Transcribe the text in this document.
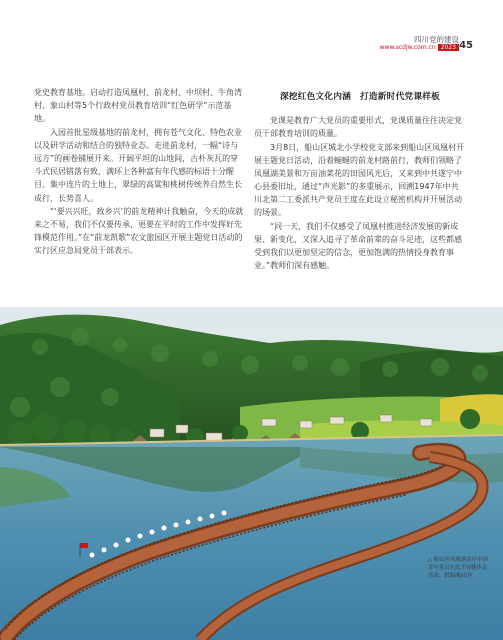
四川党的建设
www.scdjw.com.cn 2023 45

党史教育基地。启动打造凤凰村、前龙村、中坝村、牛角湾村、象山村等5个行政村党员教育培训“红色研学”示范基地。

入园首批星级基地的前龙村，拥有苍气文化、特色农业以及研学活动和结合的独特业态。走进前龙村，一幅“诗与远方”的画卷铺展开来。开阔平坦的山地间，古朴灰瓦的穿斗式民居错落有致，满环上各种富有年代感的标语十分醒目。集中连片的土地上，翠绿的高粱和桃树传统养自然生长成行，长势喜人。

“‘要兴兴旺，致乡兴’的前龙精神计我触奋，今天的成就来之不易，我们不仅要传承，更要在平时的工作中发挥好先锋模范作用。”在“前龙凯歌”农文旅园区开展主题党日活动的实行区应急局党员干部表示。

深挖红色文化内涵　打造新时代党课样板

党课是教育广大党员的重要形式，党课质量往往决定党员干部教育培训的质量。

3月8日，船山区城北小学校党支部来到船山区凤凰村开展主题党日活动，沿着蜿蜒的前龙村路前行，教师们领略了凤凰湖美景和万亩油菜花的田园风光后，又来到中共遂宁中心县委旧址，通过“声光影”的多重展示，回溯1947年中共川北第二工委派共产党员王度在此设立秘密机构并开展活动的场景。

“同一天，我们不仅感受了凤凰村推进经济发展的新成果、新变化，又深入追寻了革命前辈的奋斗足迹，这些都感受到我们以更加坚定的信念，更加饱满的热情投身教育事业。”教师们深有感触。

△ 船山区凤凰湖南岸中国青年党员在此开展健步走活动。供图/船山区
